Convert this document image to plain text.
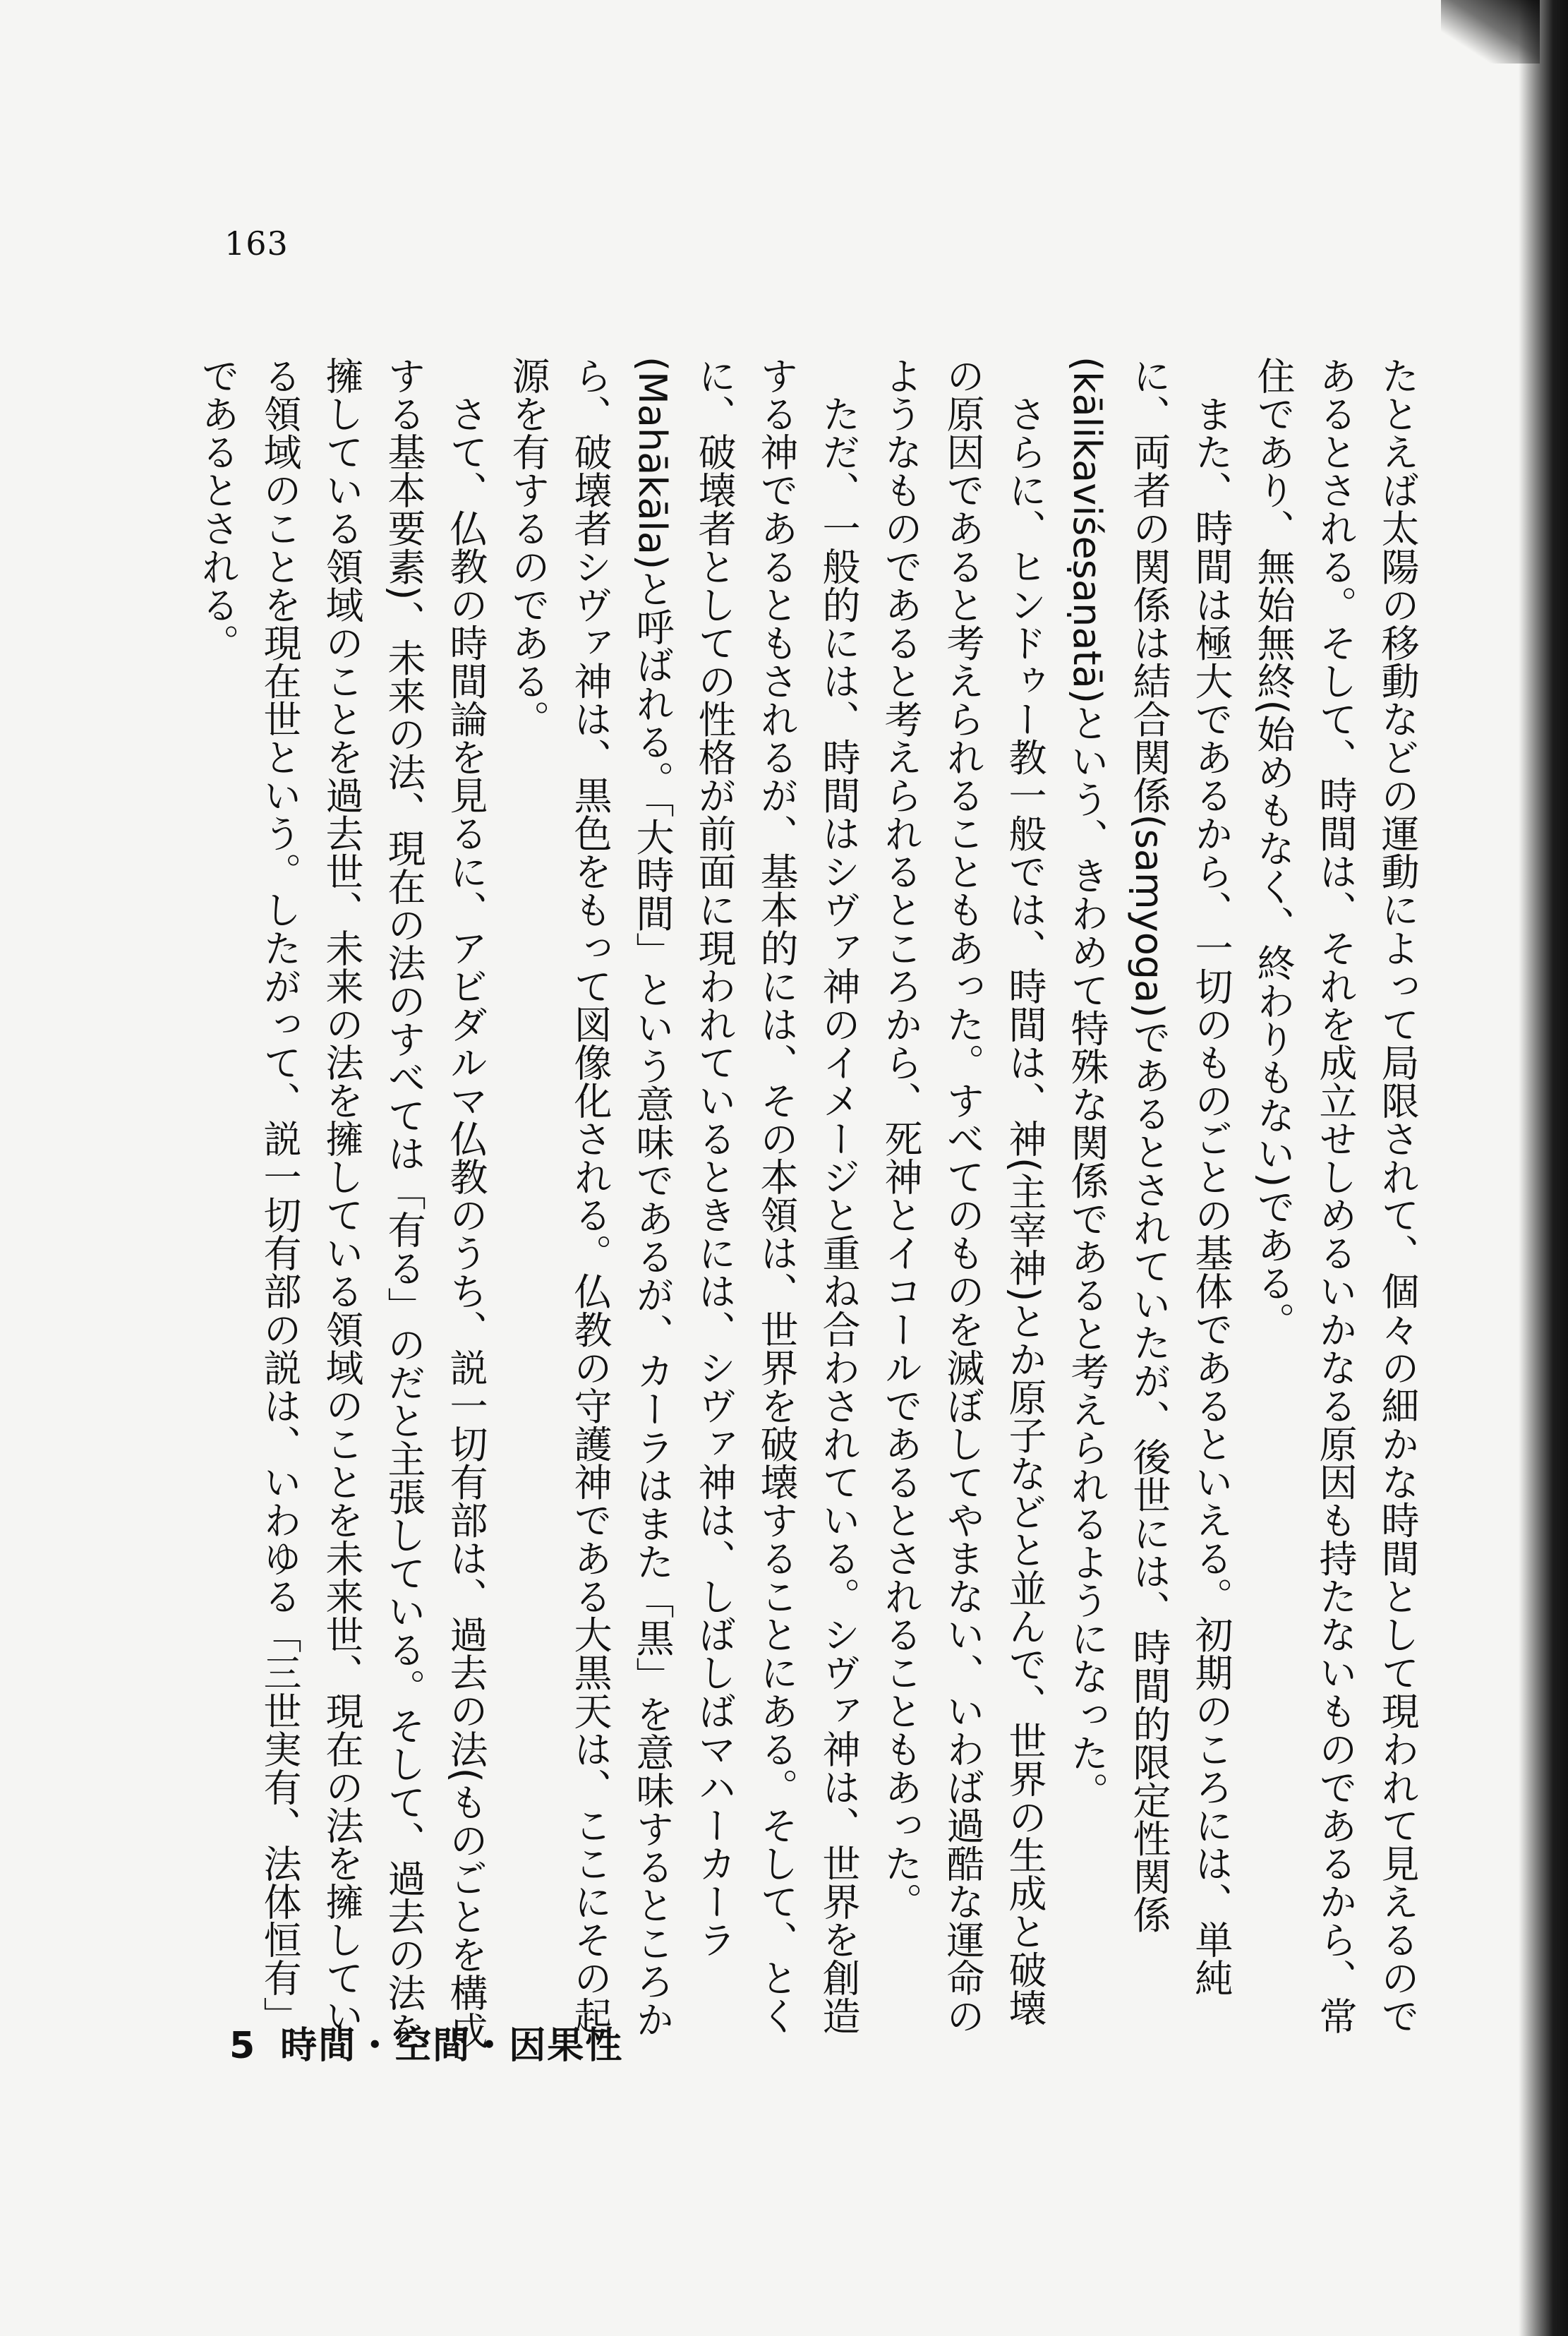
163

たとえば太陽の移動などの運動によって局限されて、個々の細かな時間として現われて見えるのであるとされる。そして、時間は、それを成立せしめるいかなる原因も持たないものであるから、常住であり、無始無終(始めもなく、終わりもない)である。

また、時間は極大であるから、一切のものごとの基体であるといえる。初期のころには、単純に、両者の関係は結合関係(saṃyoga)であるとされていたが、後世には、時間的限定性関係(kālikaviśeṣaṇatā)という、きわめて特殊な関係であると考えられるようになった。

さらに、ヒンドゥー教一般では、時間は、神(主宰神)とか原子などと並んで、世界の生成と破壊の原因であると考えられることもあった。すべてのものを滅ぼしてやまない、いわば過酷な運命のようなものであると考えられるところから、死神とイコールであるとされることもあった。

ただ、一般的には、時間はシヴァ神のイメージと重ね合わされている。シヴァ神は、世界を創造する神であるともされるが、基本的には、その本領は、世界を破壊することにある。そして、とくに、破壊者としての性格が前面に現われているときには、シヴァ神は、しばしばマハーカーラ(Mahākāla)と呼ばれる。「大時間」という意味であるが、カーラはまた「黒」を意味するところから、破壊者シヴァ神は、黒色をもって図像化される。仏教の守護神である大黒天は、ここにその起源を有するのである。

さて、仏教の時間論を見るに、アビダルマ仏教のうち、説一切有部は、過去の法(ものごとを構成する基本要素)、未来の法、現在の法のすべては「有る」のだと主張している。そして、過去の法を擁している領域のことを過去世、未来の法を擁している領域のことを未来世、現在の法を擁している領域のことを現在世という。したがって、説一切有部の説は、いわゆる「三世実有、法体恒有」であるとされる。

5 時間・空間・因果性
